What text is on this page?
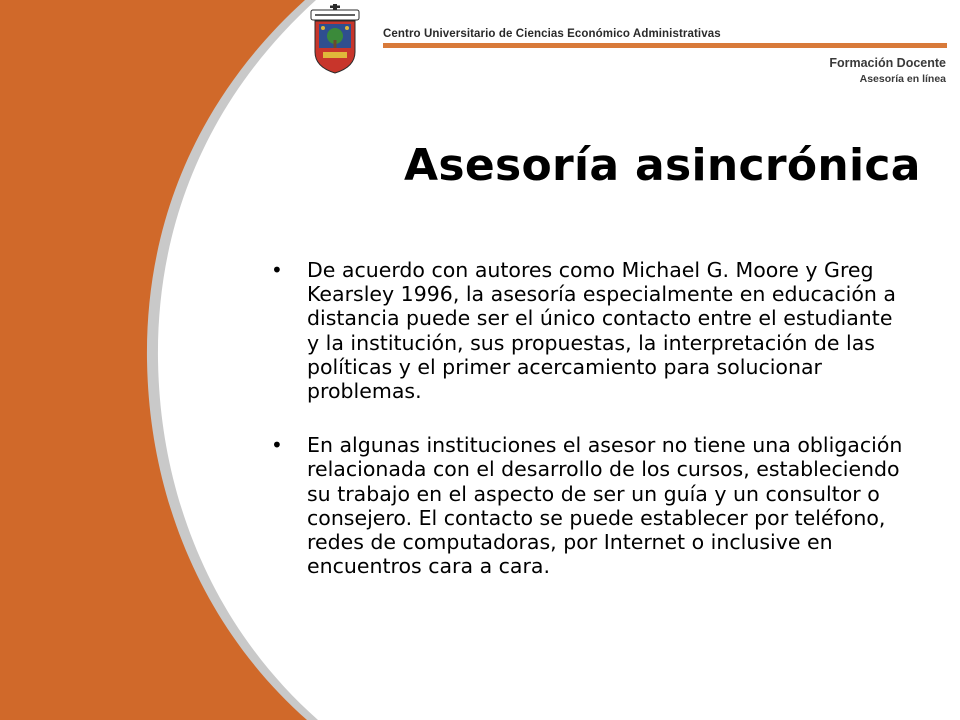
Centro Universitario de Ciencias Económico Administrativas
Formación Docente
Asesoría en línea
Asesoría asincrónica
• De acuerdo con autores como Michael G. Moore y Greg Kearsley 1996, la asesoría especialmente en educación a distancia puede ser el único contacto entre el estudiante y la institución, sus propuestas, la interpretación de las políticas y el primer acercamiento para solucionar problemas.
• En algunas instituciones el asesor no tiene una obligación relacionada con el desarrollo de los cursos, estableciendo su trabajo en el aspecto de ser un guía y un consultor o consejero. El contacto se puede establecer por teléfono, redes de computadoras, por Internet o inclusive en encuentros cara a cara.
